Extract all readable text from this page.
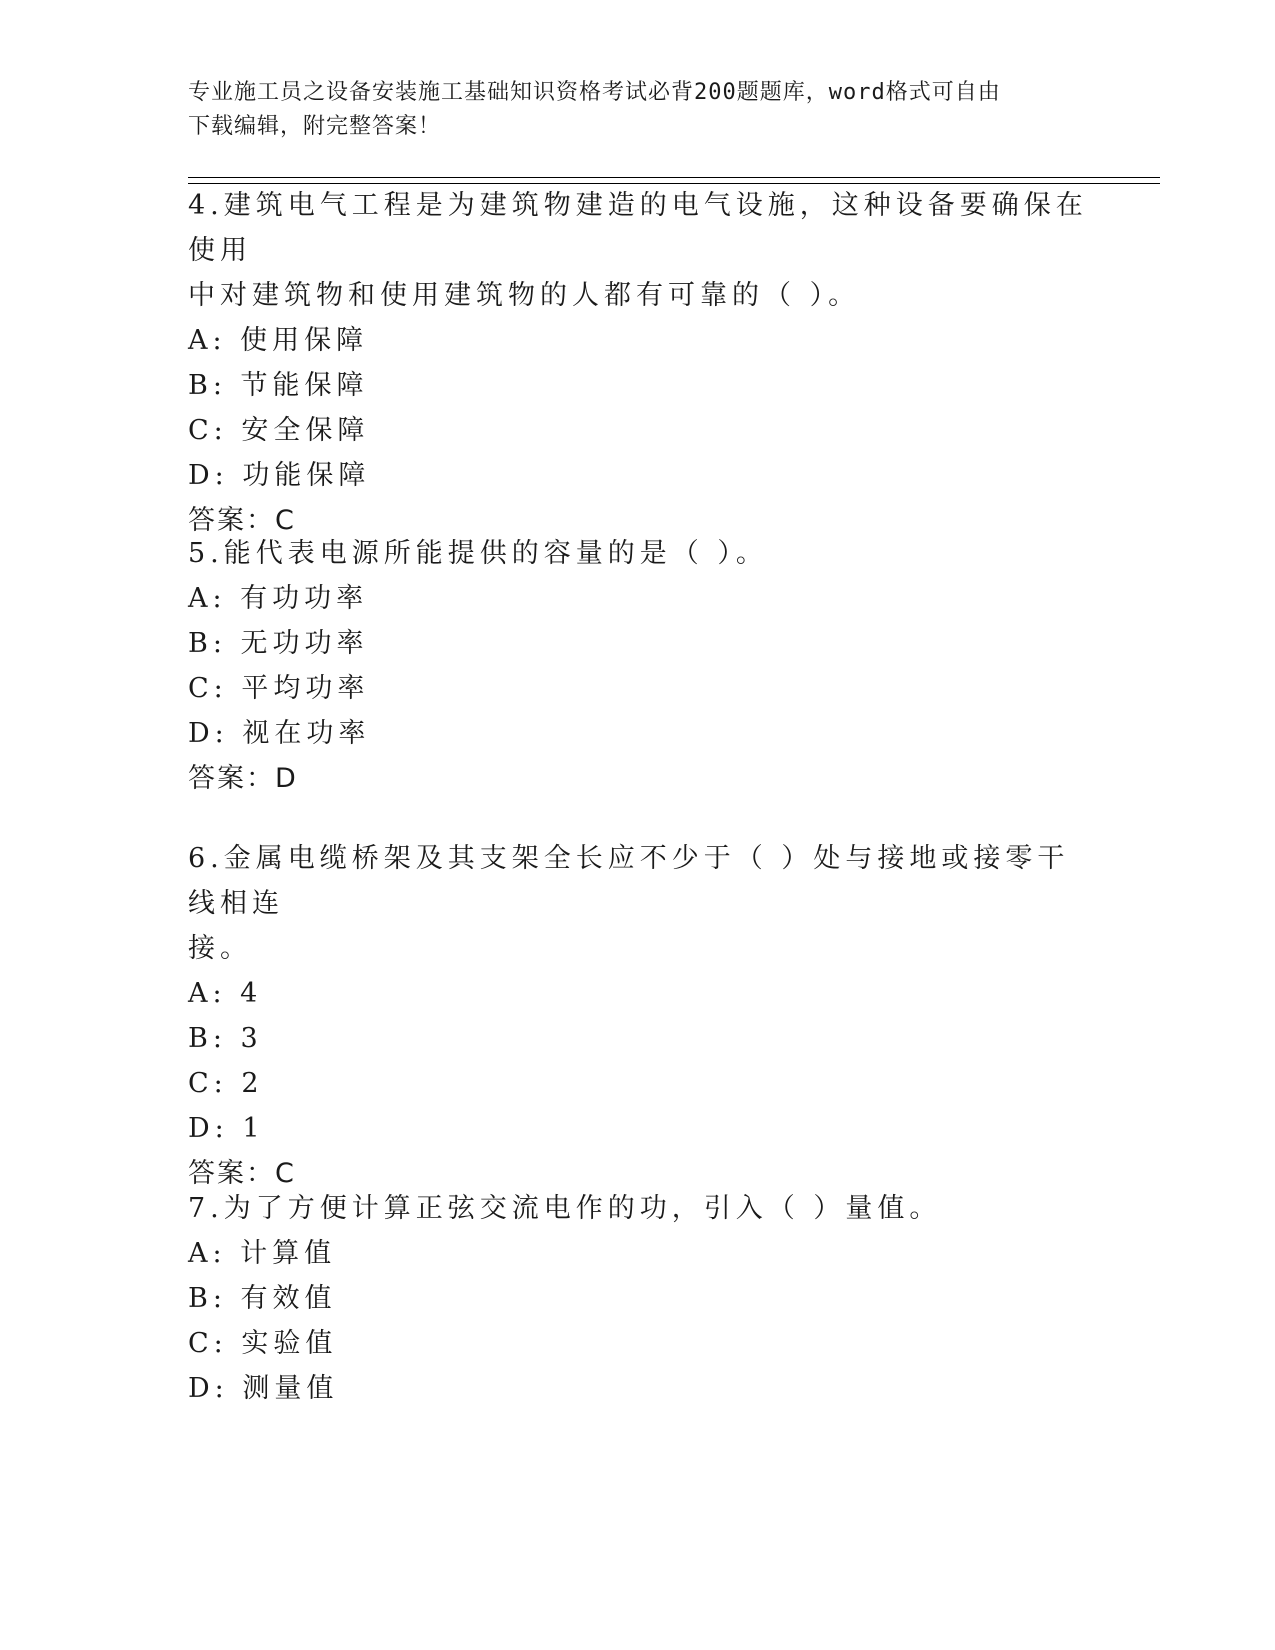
专业施工员之设备安装施工基础知识资格考试必背200题题库，word格式可自由
下载编辑，附完整答案！
4.建筑电气工程是为建筑物建造的电气设施，这种设备要确保在使用
中对建筑物和使用建筑物的人都有可靠的（ ）。
A: 使用保障
B: 节能保障
C: 安全保障
D: 功能保障
答案：C
5.能代表电源所能提供的容量的是（ ）。
A: 有功功率
B: 无功功率
C: 平均功率
D: 视在功率
答案：D
6.金属电缆桥架及其支架全长应不少于（ ）处与接地或接零干线相连
接。
A: 4
B: 3
C: 2
D: 1
答案：C
7.为了方便计算正弦交流电作的功，引入（ ）量值。
A: 计算值
B: 有效值
C: 实验值
D: 测量值
